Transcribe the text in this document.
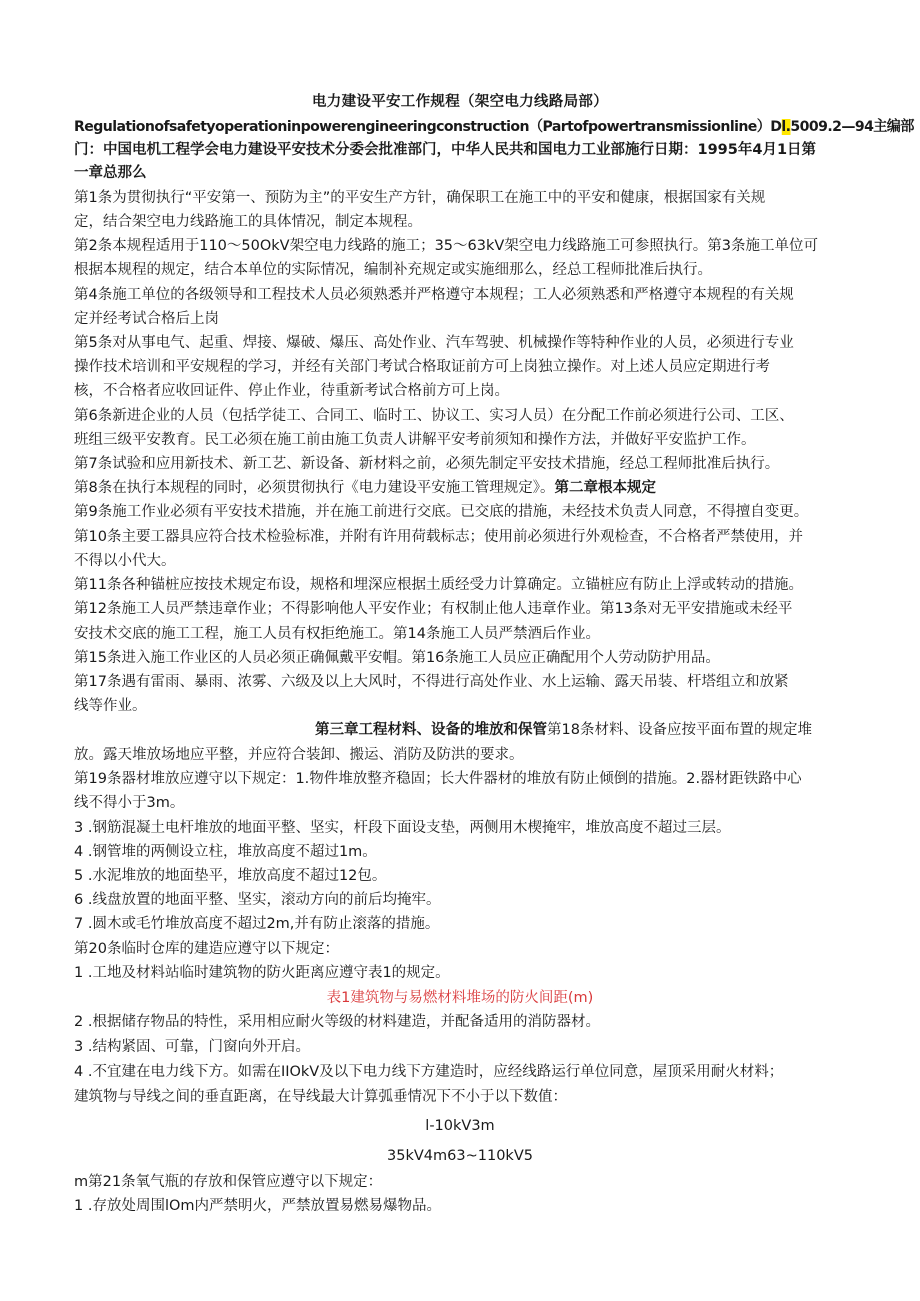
电力建设平安工作规程（架空电力线路局部）
Regulationofsafetyoperationinpowerengineeringconstruction（Partofpowertransmissionline）Dl.5009.2—94主编部
门：中国电机工程学会电力建设平安技术分委会批准部门，中华人民共和国电力工业部施行日期：1995年4月1日第
一章总那么
第1条为贯彻执行“平安第一、预防为主”的平安生产方针，确保职工在施工中的平安和健康，根据国家有关规
定，结合架空电力线路施工的具体情况，制定本规程。
第2条本规程适用于110～50OkV架空电力线路的施工；35～63kV架空电力线路施工可参照执行。第3条施工单位可
根据本规程的规定，结合本单位的实际情况，编制补充规定或实施细那么，经总工程师批准后执行。
第4条施工单位的各级领导和工程技术人员必须熟悉并严格遵守本规程；工人必须熟悉和严格遵守本规程的有关规
定并经考试合格后上岗
第5条对从事电气、起重、焊接、爆破、爆压、高处作业、汽车驾驶、机械操作等特种作业的人员，必须进行专业
操作技术培训和平安规程的学习，并经有关部门考试合格取证前方可上岗独立操作。对上述人员应定期进行考
核，不合格者应收回证件、停止作业，待重新考试合格前方可上岗。
第6条新进企业的人员（包括学徒工、合同工、临时工、协议工、实习人员）在分配工作前必须进行公司、工区、
班组三级平安教育。民工必须在施工前由施工负责人讲解平安考前须知和操作方法，并做好平安监护工作。
第7条试验和应用新技术、新工艺、新设备、新材料之前，必须先制定平安技术措施，经总工程师批准后执行。
第8条在执行本规程的同时，必须贯彻执行《电力建设平安施工管理规定》。第二章根本规定
第9条施工作业必须有平安技术措施，并在施工前进行交底。已交底的措施，未经技术负责人同意，不得擅自变更。
第10条主要工器具应符合技术检验标准，并附有许用荷载标志；使用前必须进行外观检查，不合格者严禁使用，并
不得以小代大。
第11条各种锚桩应按技术规定布设，规格和埋深应根据土质经受力计算确定。立锚桩应有防止上浮或转动的措施。
第12条施工人员严禁违章作业；不得影响他人平安作业；有权制止他人违章作业。第13条对无平安措施或未经平
安技术交底的施工工程，施工人员有权拒绝施工。第14条施工人员严禁酒后作业。
第15条进入施工作业区的人员必须正确佩戴平安帽。第16条施工人员应正确配用个人劳动防护用品。
第17条遇有雷雨、暴雨、浓雾、六级及以上大风时，不得进行高处作业、水上运输、露天吊装、杆塔组立和放紧
线等作业。
第三章工程材料、设备的堆放和保管第18条材料、设备应按平面布置的规定堆
放。露天堆放场地应平整，并应符合装卸、搬运、消防及防洪的要求。
第19条器材堆放应遵守以下规定：1.物件堆放整齐稳固；长大件器材的堆放有防止倾倒的措施。2.器材距铁路中心
线不得小于3m。
3 .钢筋混凝土电杆堆放的地面平整、坚实，杆段下面设支垫，两侧用木楔掩牢，堆放高度不超过三层。
4 .钢管堆的两侧设立柱，堆放高度不超过1m。
5 .水泥堆放的地面垫平，堆放高度不超过12包。
6 .线盘放置的地面平整、坚实，滚动方向的前后均掩牢。
7 .圆木或毛竹堆放高度不超过2m,并有防止滚落的措施。
第20条临时仓库的建造应遵守以下规定：
1 .工地及材料站临时建筑物的防火距离应遵守表1的规定。
表1建筑物与易燃材料堆场的防火间距(m)
2 .根据储存物品的特性，采用相应耐火等级的材料建造，并配备适用的消防器材。
3 .结构紧固、可靠，门窗向外开启。
4 .不宜建在电力线下方。如需在IIOkV及以下电力线下方建造时，应经线路运行单位同意，屋顶采用耐火材料；
建筑物与导线之间的垂直距离，在导线最大计算弧垂情况下不小于以下数值：
l-10kV3m
35kV4m63~110kV5
m第21条氧气瓶的存放和保管应遵守以下规定：
1 .存放处周围lOm内严禁明火，严禁放置易燃易爆物品。
